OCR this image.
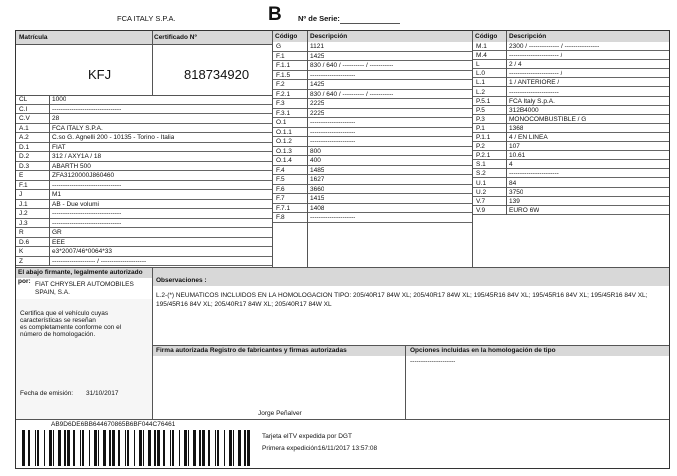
FCA ITALY S.P.A.	B Nº de Serie:
Matrícula	Certificado Nº
KFJ	818734920
CL	1000
C.I	--------------------------------
C.V	28
A.1	FCA ITALY S.P.A.
A.2	C.so G. Agnelli 200 - 10135 - Torino - Italia
D.1	FIAT
D.2	312 / AXY1A / 18
D.3	ABARTH 500
E	ZFA3120000J860460
F.1	--------------------------------
J	M1
J.1	AB - Due volumi
J.2	--------------------------------
J.3	--------------------------------
R	GR
D.6	EEE
K	e3*2007/46*0064*33
Z	-------------------- / ---------------------
Código Descripción
G	1121
F.1	1425
F.1.1	830 / 640 / ---------- / -----------
F.1.5	---------------------
F.2	1425
F.2.1	830 / 640 / ---------- / -----------
F.3	2225
F.3.1	2225
O.1	---------------------
O.1.1	---------------------
O.1.2	---------------------
O.1.3	800
O.1.4	400
F.4	1485
F.5	1627
F.6	3660
F.7	1415
F.7.1	1408
F.8	---------------------
Código Descripción
M.1	2300 / -------------- / ----------------
M.4	----------------------- /
L	2 / 4
L.0	----------------------- /
L.1	1 / ANTERIORE /
L.2	-----------------------
P.5.1	FCA Italy S.p.A.
P.5	312B4000
P.3	MONOCOMBUSTIBLE / G
P.1	1368
P.1.1	4 / EN LINEA
P.2	107
P.2.1	10.61
S.1	4
S.2	-----------------------
U.1	84
U.2	3750
V.7	139
V.9	EURO 6W
El abajo firmante, legalmente autorizado
por: FIAT CHRYSLER AUTOMOBILES
SPAIN, S.A.
Certifica que el vehículo cuyas
características se reseñan
es completamente conforme con el
número de homologación.
Fecha de emisión: 31/10/2017
Observaciones :
L.2-(*) NEUMATICOS INCLUIDOS EN LA HOMOLOGACION TIPO: 205/40R17 84W XL; 205/40R17 84W XL; 195/45R16 84V XL; 195/45R16 84V XL; 195/45R16 84V XL;
195/45R16 84V XL; 205/40R17 84W XL; 205/40R17 84W XL
Firma autorizada Registro de fabricantes y firmas autorizadas	Opciones incluidas en la homologación de tipo
---------------------
Jorge Peñalver
AB9D6DE6BB644670865B6BF044C76461
Tarjeta eITV expedida por DGT
Primera expedición:
16/11/2017 13:57:08
